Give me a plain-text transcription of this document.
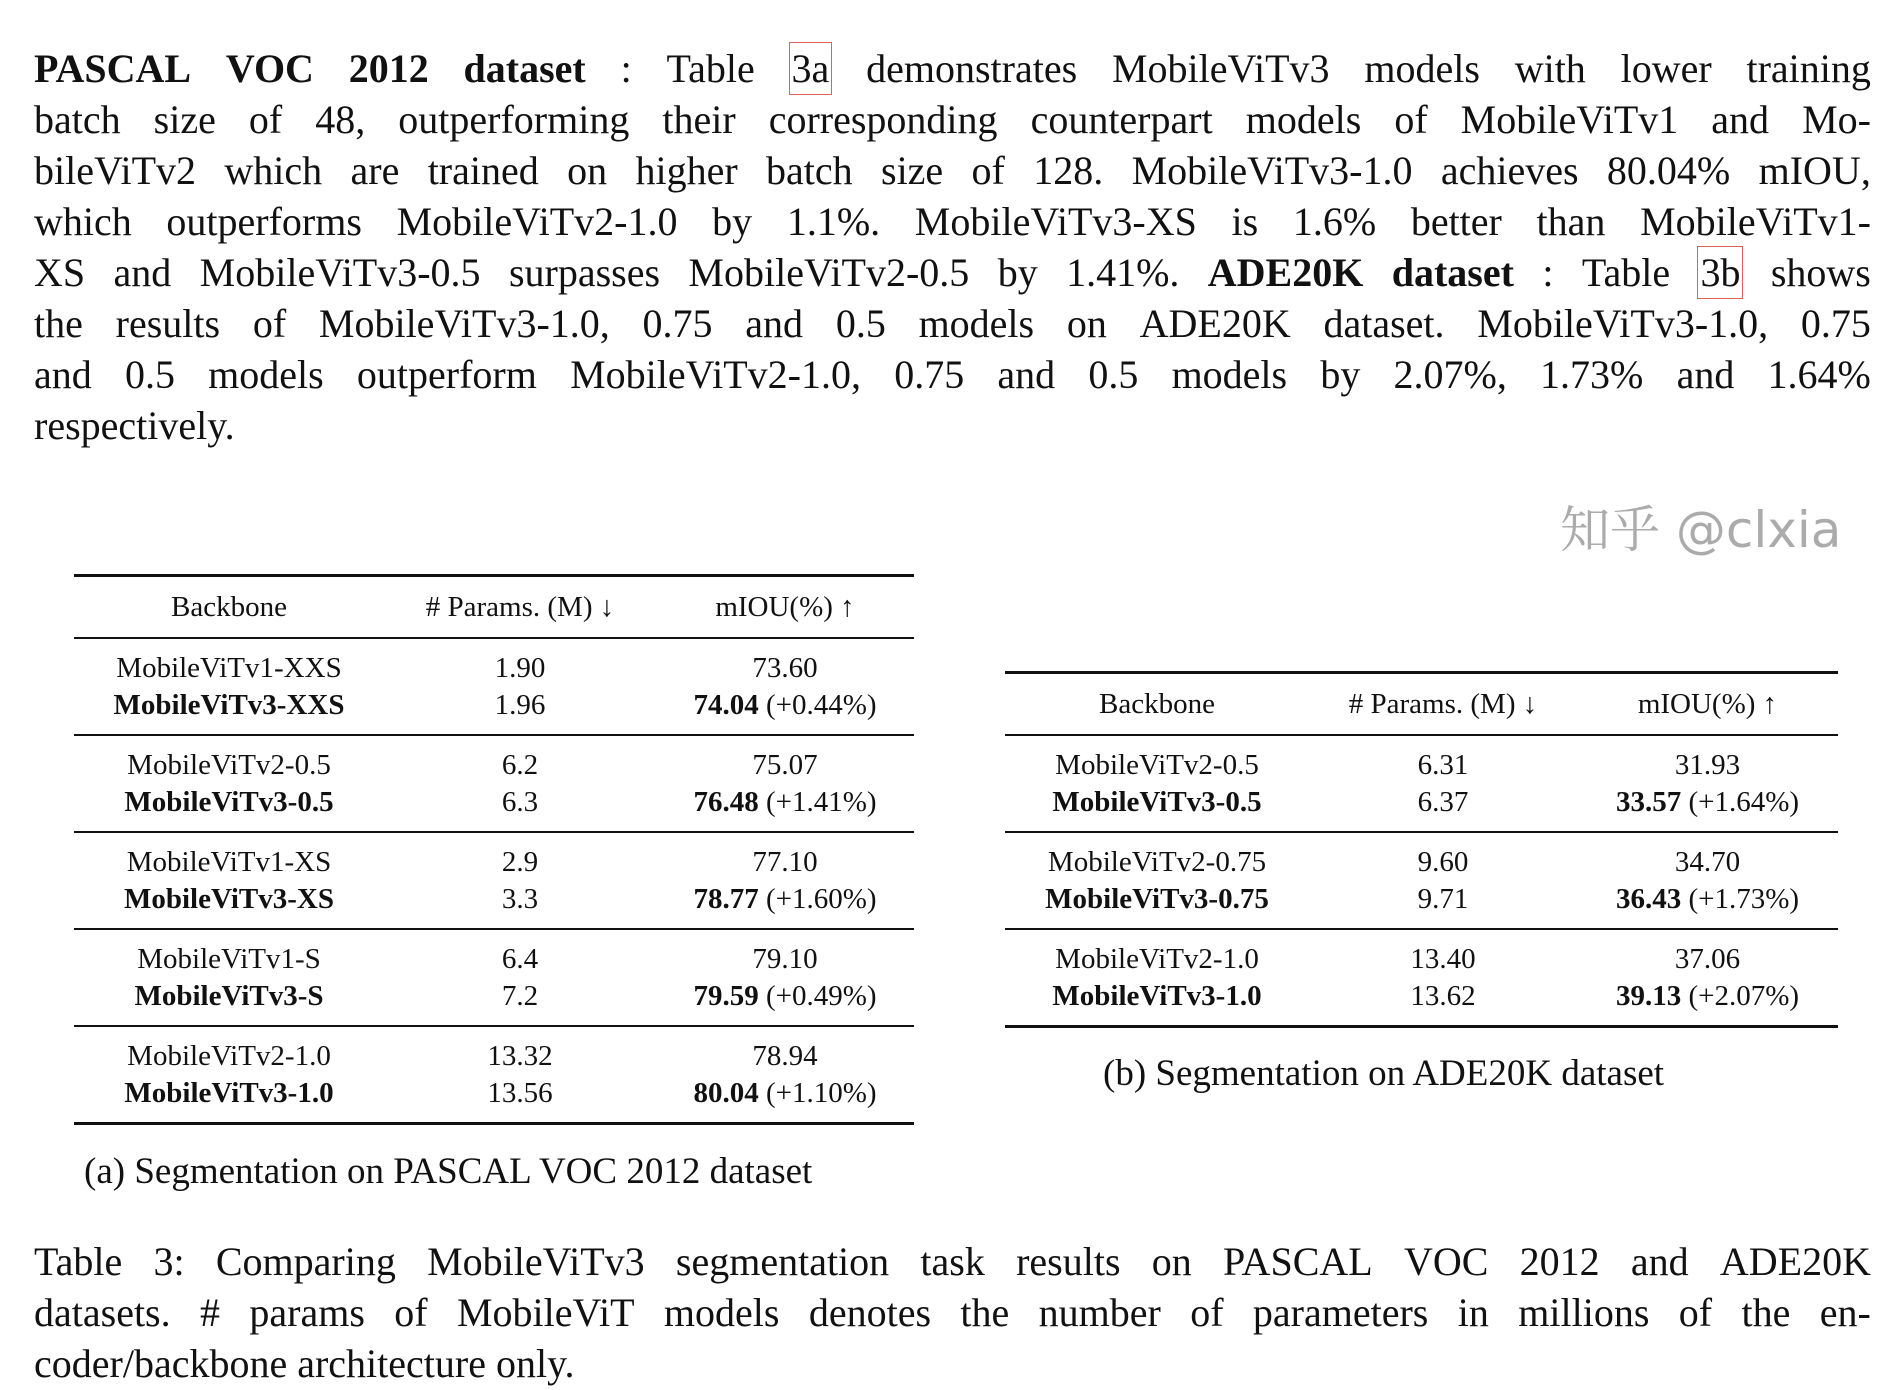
PASCAL VOC 2012 dataset : Table 3a demonstrates MobileViTv3 models with lower training
batch size of 48, outperforming their corresponding counterpart models of MobileViTv1 and Mo-
bileViTv2 which are trained on higher batch size of 128. MobileViTv3-1.0 achieves 80.04% mIOU,
which outperforms MobileViTv2-1.0 by 1.1%. MobileViTv3-XS is 1.6% better than MobileViTv1-
XS and MobileViTv3-0.5 surpasses MobileViTv2-0.5 by 1.41%. ADE20K dataset : Table 3b shows
the results of MobileViTv3-1.0, 0.75 and 0.5 models on ADE20K dataset. MobileViTv3-1.0, 0.75
and 0.5 models outperform MobileViTv2-1.0, 0.75 and 0.5 models by 2.07%, 1.73% and 1.64%
respectively.
Backbone	# Params. (M) ↓	mIOU(%) ↑
MobileViTv1-XXS	1.90	73.60
MobileViTv3-XXS	1.96	74.04 (+0.44%)
MobileViTv2-0.5	6.2	75.07
MobileViTv3-0.5	6.3	76.48 (+1.41%)
MobileViTv1-XS	2.9	77.10
MobileViTv3-XS	3.3	78.77 (+1.60%)
MobileViTv1-S	6.4	79.10
MobileViTv3-S	7.2	79.59 (+0.49%)
MobileViTv2-1.0	13.32	78.94
MobileViTv3-1.0	13.56	80.04 (+1.10%)
(a) Segmentation on PASCAL VOC 2012 dataset
Backbone	# Params. (M) ↓	mIOU(%) ↑
MobileViTv2-0.5	6.31	31.93
MobileViTv3-0.5	6.37	33.57 (+1.64%)
MobileViTv2-0.75	9.60	34.70
MobileViTv3-0.75	9.71	36.43 (+1.73%)
MobileViTv2-1.0	13.40	37.06
MobileViTv3-1.0	13.62	39.13 (+2.07%)
(b) Segmentation on ADE20K dataset
Table 3: Comparing MobileViTv3 segmentation task results on PASCAL VOC 2012 and ADE20K
datasets. # params of MobileViT models denotes the number of parameters in millions of the en-
coder/backbone architecture only.
知乎 @clxia
